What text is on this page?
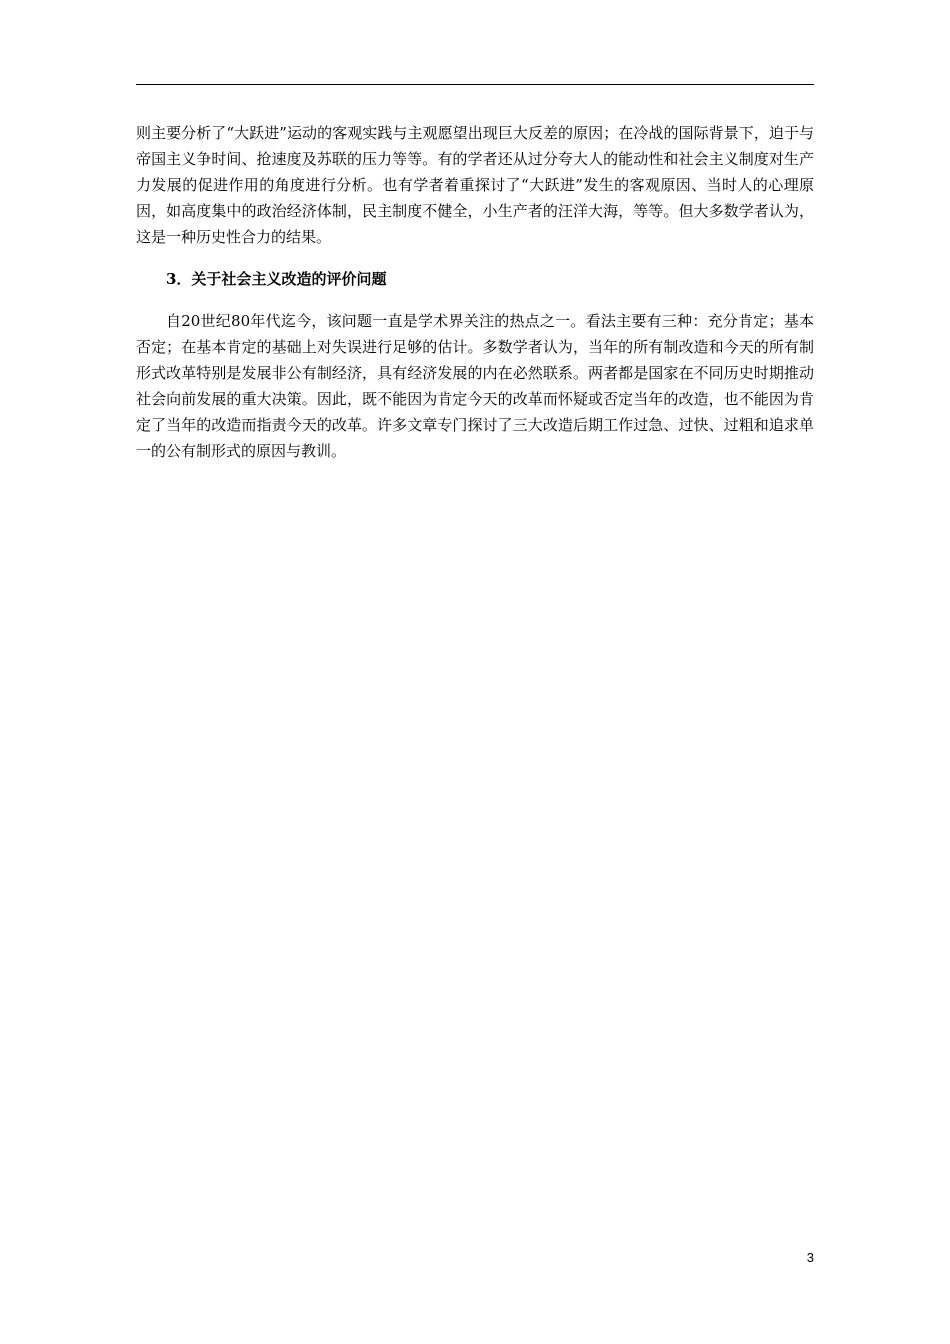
则主要分析了“大跃进”运动的客观实践与主观愿望出现巨大反差的原因；在冷战的国际背景下，迫于与帝国主义争时间、抢速度及苏联的压力等等。有的学者还从过分夸大人的能动性和社会主义制度对生产力发展的促进作用的角度进行分析。也有学者着重探讨了“大跃进”发生的客观原因、当时人的心理原因，如高度集中的政治经济体制，民主制度不健全，小生产者的汪洋大海，等等。但大多数学者认为，这是一种历史性合力的结果。

3．关于社会主义改造的评价问题

自20世纪80年代迄今，该问题一直是学术界关注的热点之一。看法主要有三种：充分肯定；基本否定；在基本肯定的基础上对失误进行足够的估计。多数学者认为，当年的所有制改造和今天的所有制形式改革特别是发展非公有制经济，具有经济发展的内在必然联系。两者都是国家在不同历史时期推动社会向前发展的重大决策。因此，既不能因为肯定今天的改革而怀疑或否定当年的改造，也不能因为肯定了当年的改造而指责今天的改革。许多文章专门探讨了三大改造后期工作过急、过快、过粗和追求单一的公有制形式的原因与教训。

3
